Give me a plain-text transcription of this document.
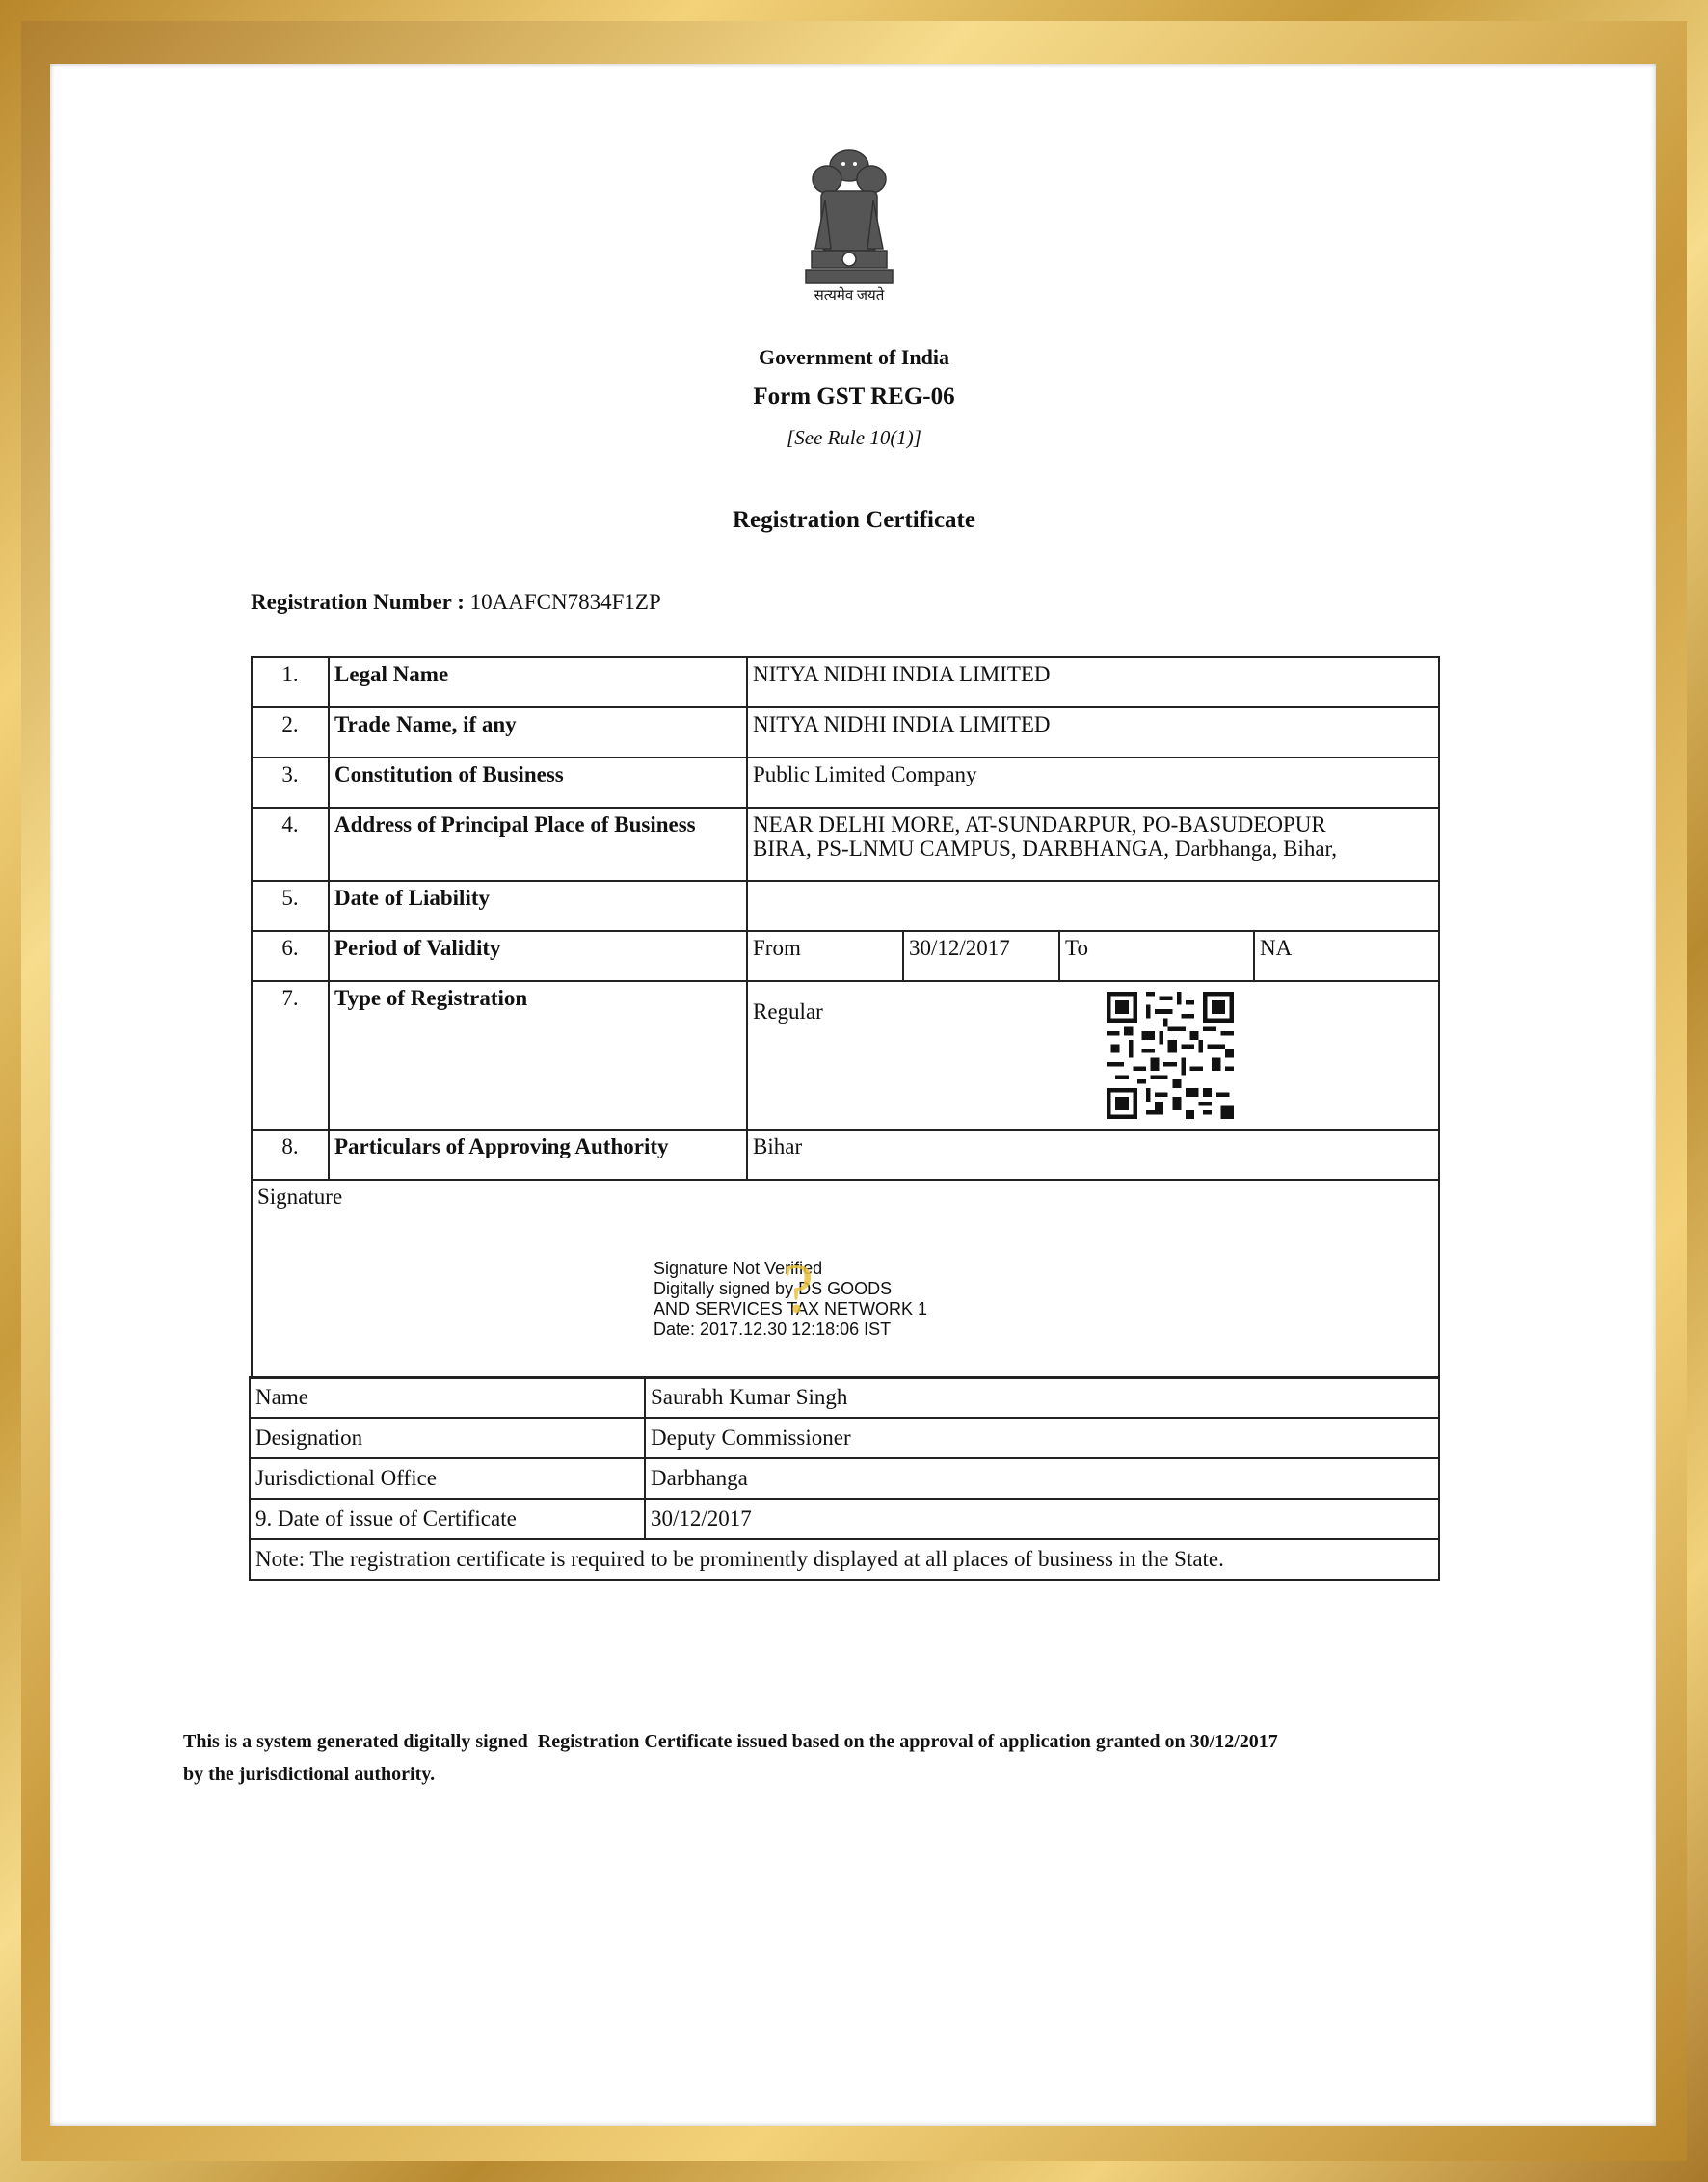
सत्यमेव जयते
Government of India
Form GST REG-06
[See Rule 10(1)]
Registration Certificate
Registration Number : 10AAFCN7834F1ZP
1.	Legal Name	NITYA NIDHI INDIA LIMITED			
2.	Trade Name, if any	NITYA NIDHI INDIA LIMITED			
3.	Constitution of Business	Public Limited Company			
4.	Address of Principal Place of Business	NEAR DELHI MORE, AT-SUNDARPUR, PO-BASUDEOPUR
BIRA, PS-LNMU CAMPUS, DARBHANGA, Darbhanga, Bihar,			

5.	Date of Liability				
6.	Period of Validity	From	30/12/2017	To	NA
7.	Type of Registration	Regular			
8.	Particulars of Approving Authority	Bihar			
Signature					
Signature Not Verified
Digitally signed by DS GOODS
AND SERVICES TAX NETWORK 1
Date: 2017.12.30 12:18:06 IST
?
Name	Saurabh Kumar Singh
Designation	Deputy Commissioner
Jurisdictional Office	Darbhanga
9. Date of issue of Certificate	30/12/2017
Note: The registration certificate is required to be prominently displayed at all places of business in the State.	
This is a system generated digitally signed  Registration Certificate issued based on the approval of application granted on 30/12/2017
by the jurisdictional authority.
